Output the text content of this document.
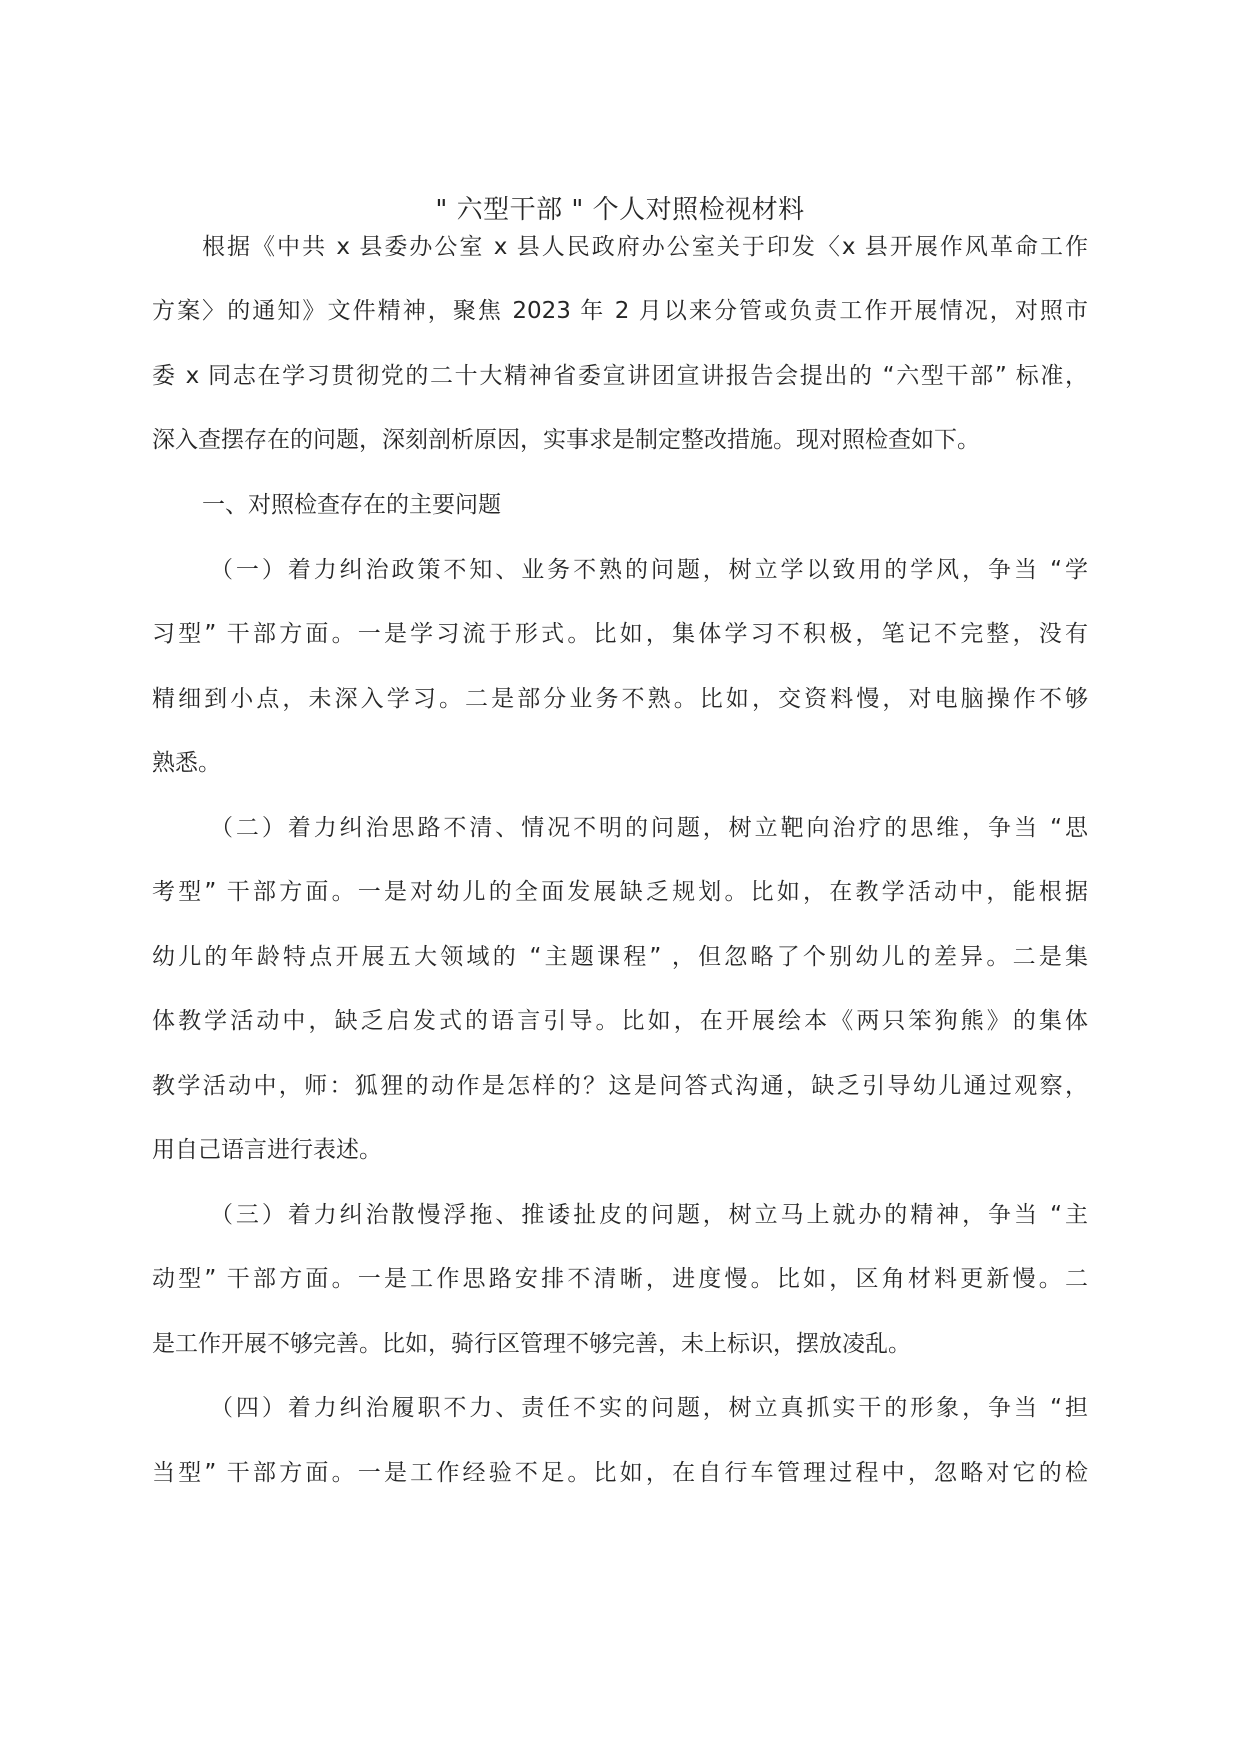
" 六型干部 " 个人对照检视材料
根据《中共 x 县委办公室 x 县人民政府办公室关于印发〈x 县开展作风革命工作
方案〉的通知》文件精神，聚焦 2023 年 2 月以来分管或负责工作开展情况，对照市
委 x 同志在学习贯彻党的二十大精神省委宣讲团宣讲报告会提出的 “六型干部” 标准，
深入查摆存在的问题，深刻剖析原因，实事求是制定整改措施。现对照检查如下。
一、对照检查存在的主要问题
（一）着力纠治政策不知、业务不熟的问题，树立学以致用的学风，争当 “学
习型” 干部方面。一是学习流于形式。比如，集体学习不积极，笔记不完整，没有
精细到小点，未深入学习。二是部分业务不熟。比如，交资料慢，对电脑操作不够
熟悉。
（二）着力纠治思路不清、情况不明的问题，树立靶向治疗的思维，争当 “思
考型” 干部方面。一是对幼儿的全面发展缺乏规划。比如，在教学活动中，能根据
幼儿的年龄特点开展五大领域的 “主题课程” ，但忽略了个别幼儿的差异。二是集
体教学活动中，缺乏启发式的语言引导。比如，在开展绘本《两只笨狗熊》的集体
教学活动中，师：狐狸的动作是怎样的？这是问答式沟通，缺乏引导幼儿通过观察，
用自己语言进行表述。
（三）着力纠治散慢浮拖、推诿扯皮的问题，树立马上就办的精神，争当 “主
动型” 干部方面。一是工作思路安排不清晰，进度慢。比如，区角材料更新慢。二
是工作开展不够完善。比如，骑行区管理不够完善，未上标识，摆放凌乱。
（四）着力纠治履职不力、责任不实的问题，树立真抓实干的形象，争当 “担
当型” 干部方面。一是工作经验不足。比如，在自行车管理过程中，忽略对它的检
